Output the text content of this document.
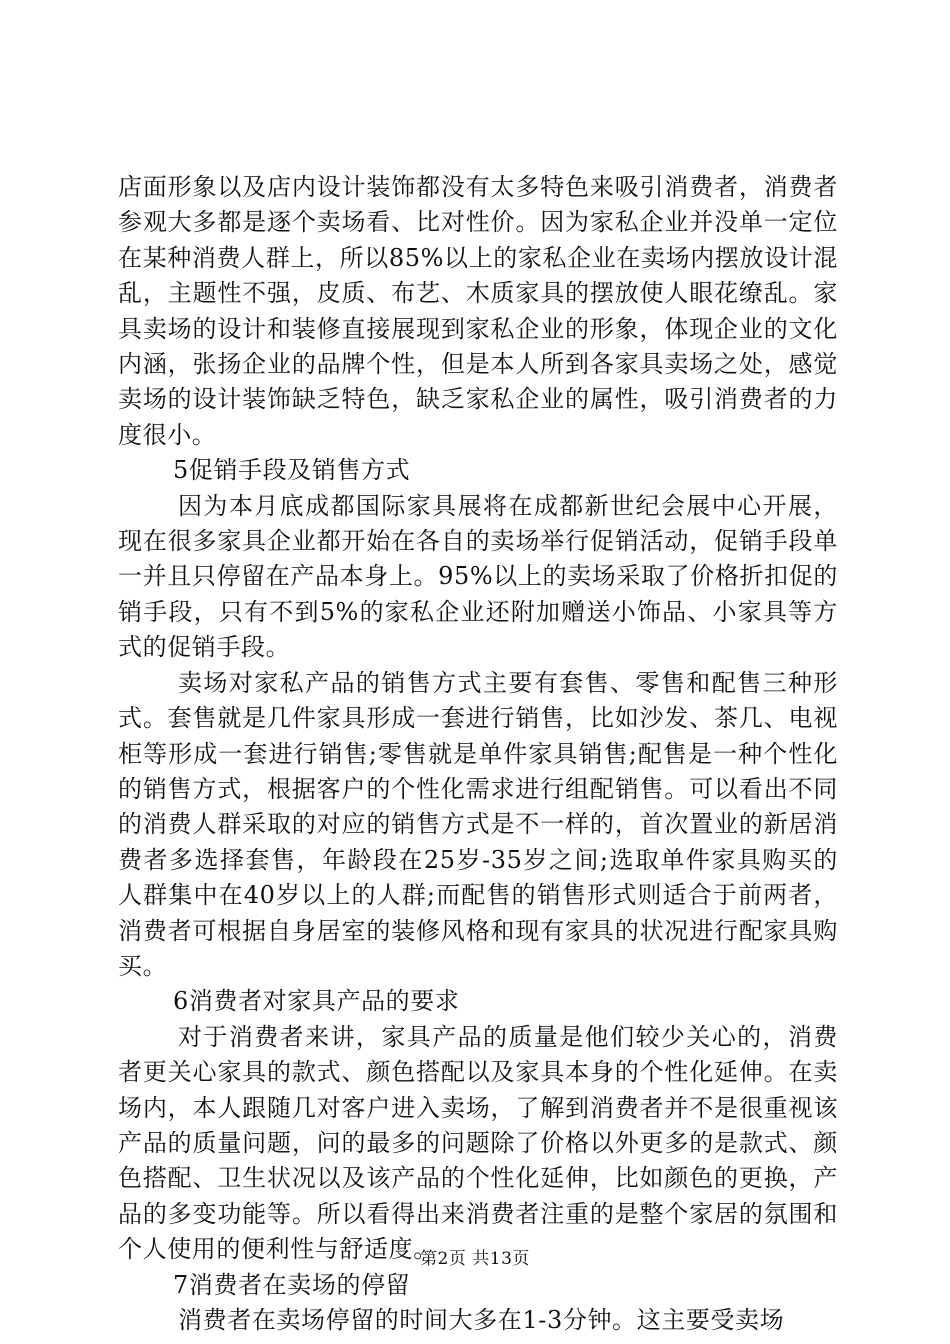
店面形象以及店内设计装饰都没有太多特色来吸引消费者，消费者参观大多都是逐个卖场看、比对性价。因为家私企业并没单一定位在某种消费人群上，所以85%以上的家私企业在卖场内摆放设计混乱，主题性不强，皮质、布艺、木质家具的摆放使人眼花缭乱。家具卖场的设计和装修直接展现到家私企业的形象，体现企业的文化内涵，张扬企业的品牌个性，但是本人所到各家具卖场之处，感觉卖场的设计装饰缺乏特色，缺乏家私企业的属性，吸引消费者的力度很小。

5促销手段及销售方式

因为本月底成都国际家具展将在成都新世纪会展中心开展，现在很多家具企业都开始在各自的卖场举行促销活动，促销手段单一并且只停留在产品本身上。95%以上的卖场采取了价格折扣促的销手段，只有不到5%的家私企业还附加赠送小饰品、小家具等方式的促销手段。

卖场对家私产品的销售方式主要有套售、零售和配售三种形式。套售就是几件家具形成一套进行销售，比如沙发、茶几、电视柜等形成一套进行销售;零售就是单件家具销售;配售是一种个性化的销售方式，根据客户的个性化需求进行组配销售。可以看出不同的消费人群采取的对应的销售方式是不一样的，首次置业的新居消费者多选择套售，年龄段在25岁-35岁之间;选取单件家具购买的人群集中在40岁以上的人群;而配售的销售形式则适合于前两者，消费者可根据自身居室的装修风格和现有家具的状况进行配家具购买。

6消费者对家具产品的要求

对于消费者来讲，家具产品的质量是他们较少关心的，消费者更关心家具的款式、颜色搭配以及家具本身的个性化延伸。在卖场内，本人跟随几对客户进入卖场，了解到消费者并不是很重视该产品的质量问题，问的最多的问题除了价格以外更多的是款式、颜色搭配、卫生状况以及该产品的个性化延伸，比如颜色的更换，产品的多变功能等。所以看得出来消费者注重的是整个家居的氛围和个人使用的便利性与舒适度。

7消费者在卖场的停留

消费者在卖场停留的时间大多在1-3分钟。这主要受卖场

第2页 共13页
